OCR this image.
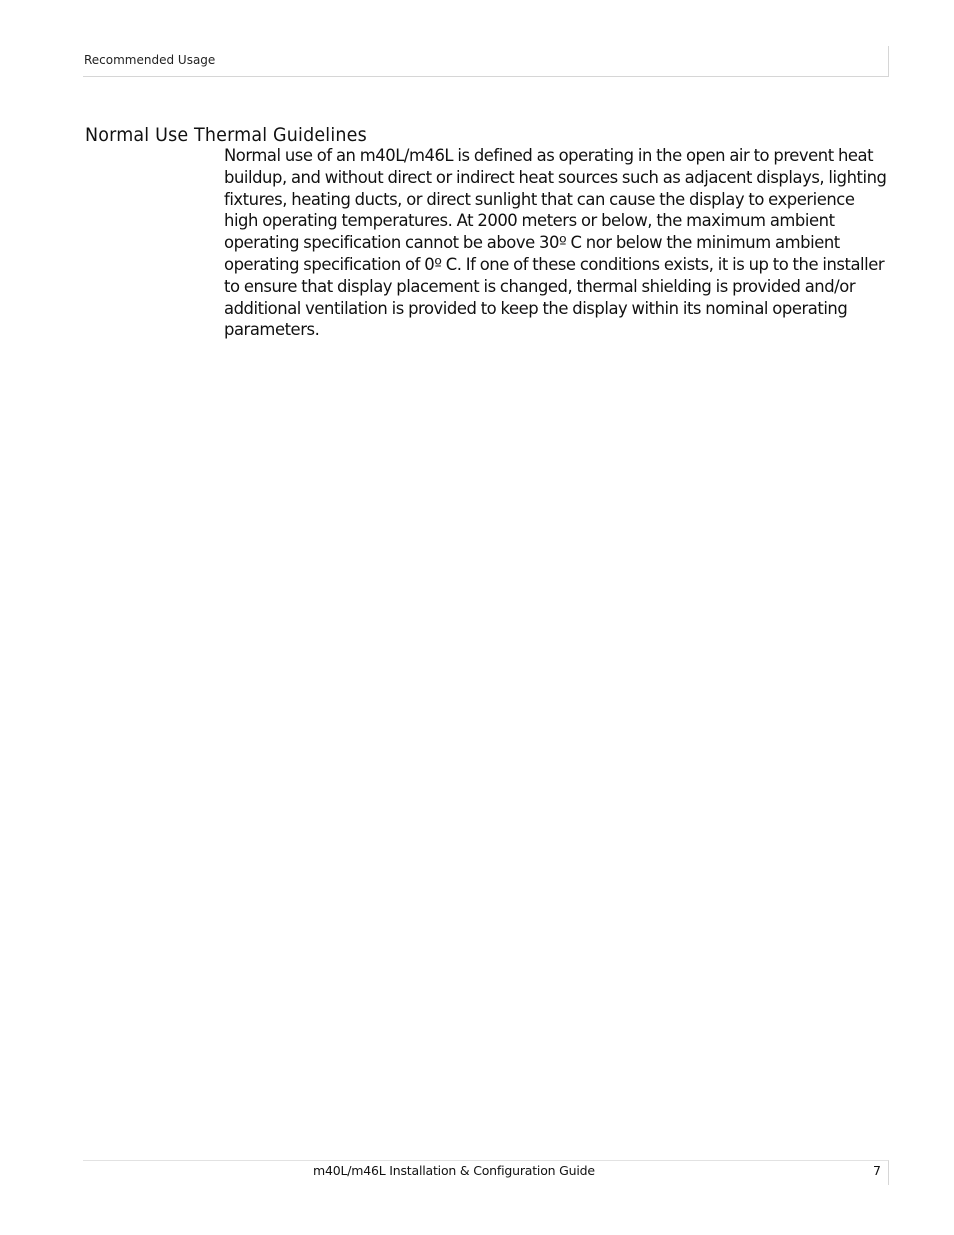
Recommended Usage
Normal Use Thermal Guidelines

Normal use of an m40L/m46L is defined as operating in the open air to prevent heat buildup, and without direct or indirect heat sources such as adjacent displays, lighting fixtures, heating ducts, or direct sunlight that can cause the display to experience high operating temperatures. At 2000 meters or below, the maximum ambient operating specification cannot be above 30º C nor below the minimum ambient operating specification of 0º C. If one of these conditions exists, it is up to the installer to ensure that display placement is changed, thermal shielding is provided and/or additional ventilation is provided to keep the display within its nominal operating parameters.

m40L/m46L Installation & Configuration Guide	7
